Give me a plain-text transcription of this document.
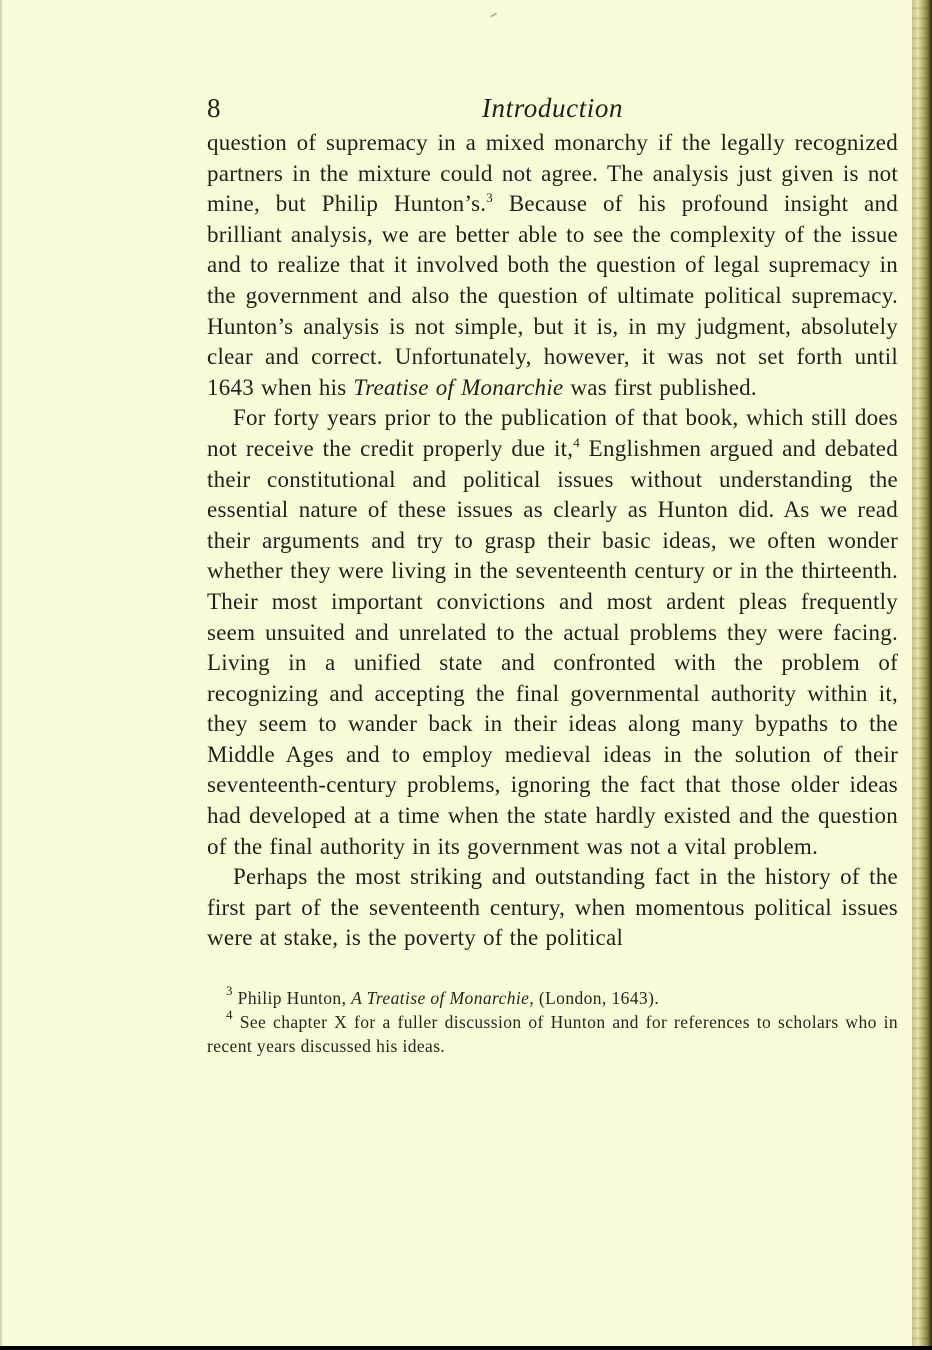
8	Introduction

question of supremacy in a mixed monarchy if the legally recognized partners in the mixture could not agree. The analysis just given is not mine, but Philip Hunton’s.$^3$ Because of his profound insight and brilliant analysis, we are better able to see the complexity of the issue and to realize that it involved both the question of legal supremacy in the government and also the question of ultimate political supremacy. Hunton’s analysis is not simple, but it is, in my judgment, absolutely clear and correct. Unfortunately, however, it was not set forth until 1643 when his Treatise of Monarchie was first published.

For forty years prior to the publication of that book, which still does not receive the credit properly due it,$^4$ Englishmen argued and debated their constitutional and political issues without understanding the essential nature of these issues as clearly as Hunton did. As we read their arguments and try to grasp their basic ideas, we often wonder whether they were living in the seventeenth century or in the thirteenth. Their most important convictions and most ardent pleas frequently seem unsuited and unrelated to the actual problems they were facing. Living in a unified state and confronted with the problem of recognizing and accepting the final governmental authority within it, they seem to wander back in their ideas along many bypaths to the Middle Ages and to employ medieval ideas in the solution of their seventeenth-century problems, ignoring the fact that those older ideas had developed at a time when the state hardly existed and the question of the final authority in its government was not a vital problem.

Perhaps the most striking and outstanding fact in the history of the first part of the seventeenth century, when momentous political issues were at stake, is the poverty of the political

$^3$ Philip Hunton, A Treatise of Monarchie, (London, 1643).

$^4$ See chapter X for a fuller discussion of Hunton and for references to scholars who in recent years discussed his ideas.
